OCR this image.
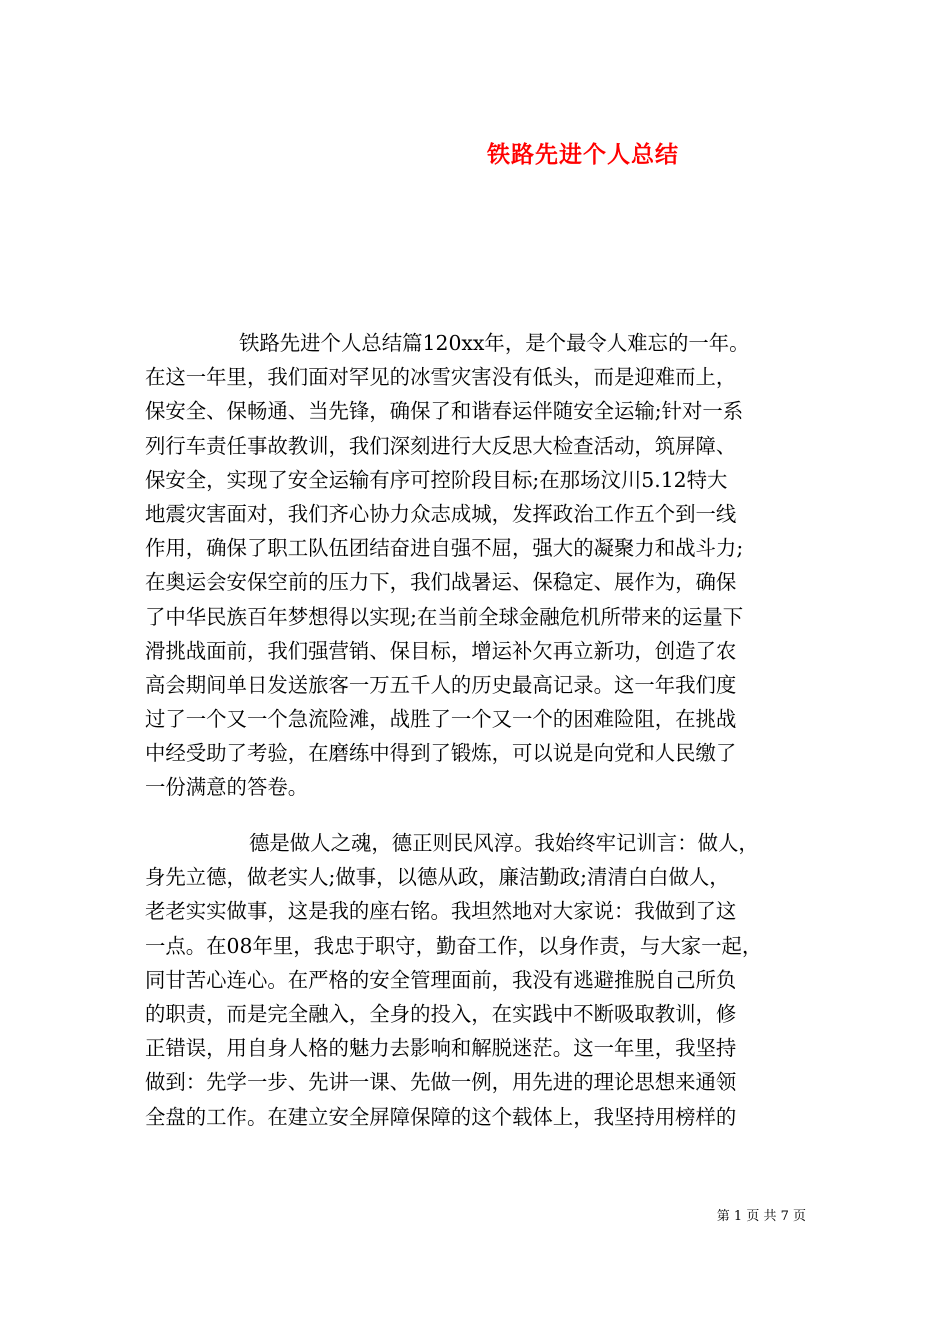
铁路先进个人总结
铁路先进个人总结篇120xx年，是个最令人难忘的一年。
在这一年里，我们面对罕见的冰雪灾害没有低头，而是迎难而上，
保安全、保畅通、当先锋，确保了和谐春运伴随安全运输;针对一系
列行车责任事故教训，我们深刻进行大反思大检查活动，筑屏障、
保安全，实现了安全运输有序可控阶段目标;在那场汶川5.12特大
地震灾害面对，我们齐心协力众志成城，发挥政治工作五个到一线
作用，确保了职工队伍团结奋进自强不屈，强大的凝聚力和战斗力;
在奥运会安保空前的压力下，我们战暑运、保稳定、展作为，确保
了中华民族百年梦想得以实现;在当前全球金融危机所带来的运量下
滑挑战面前，我们强营销、保目标，增运补欠再立新功，创造了农
高会期间单日发送旅客一万五千人的历史最高记录。这一年我们度
过了一个又一个急流险滩，战胜了一个又一个的困难险阻，在挑战
中经受助了考验，在磨练中得到了锻炼，可以说是向党和人民缴了
一份满意的答卷。
德是做人之魂，德正则民风淳。我始终牢记训言：做人，
身先立德，做老实人;做事，以德从政，廉洁勤政;清清白白做人，
老老实实做事，这是我的座右铭。我坦然地对大家说：我做到了这
一点。在08年里，我忠于职守，勤奋工作，以身作责，与大家一起，
同甘苦心连心。在严格的安全管理面前，我没有逃避推脱自己所负
的职责，而是完全融入，全身的投入，在实践中不断吸取教训，修
正错误，用自身人格的魅力去影响和解脱迷茫。这一年里，我坚持
做到：先学一步、先讲一课、先做一例，用先进的理论思想来通领
全盘的工作。在建立安全屏障保障的这个载体上，我坚持用榜样的
第 1 页 共 7 页
